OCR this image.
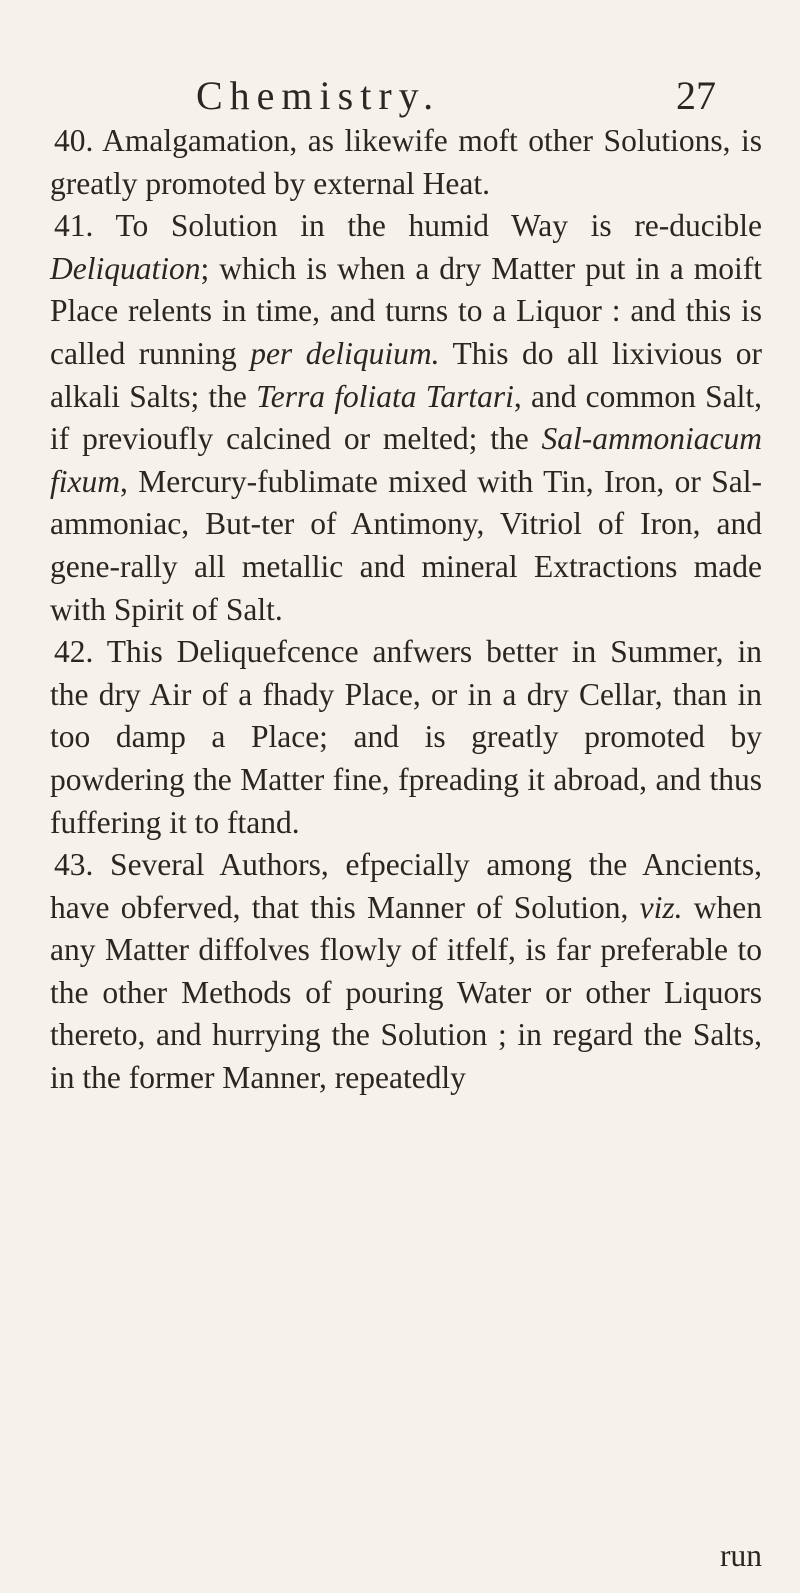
Chemistry.	27

40. Amalgamation, as likewife moft other Solutions, is greatly promoted by external Heat.

41. To Solution in the humid Way is re-ducible Deliquation; which is when a dry Matter put in a moift Place relents in time, and turns to a Liquor : and this is called running per deliquium. This do all lixivious or alkali Salts; the Terra foliata Tartari, and common Salt, if previoufly calcined or melted; the Sal-ammoniacum fixum, Mercury-fublimate mixed with Tin, Iron, or Sal-ammoniac, But-ter of Antimony, Vitriol of Iron, and gene-rally all metallic and mineral Extractions made with Spirit of Salt.

42. This Deliquefcence anfwers better in Summer, in the dry Air of a fhady Place, or in a dry Cellar, than in too damp a Place; and is greatly promoted by powdering the Matter fine, fpreading it abroad, and thus fuffering it to ftand.

43. Several Authors, efpecially among the Ancients, have obferved, that this Manner of Solution, viz. when any Matter diffolves flowly of itfelf, is far preferable to the other Methods of pouring Water or other Liquors thereto, and hurrying the Solution ; in regard the Salts, in the former Manner, repeatedly

run
